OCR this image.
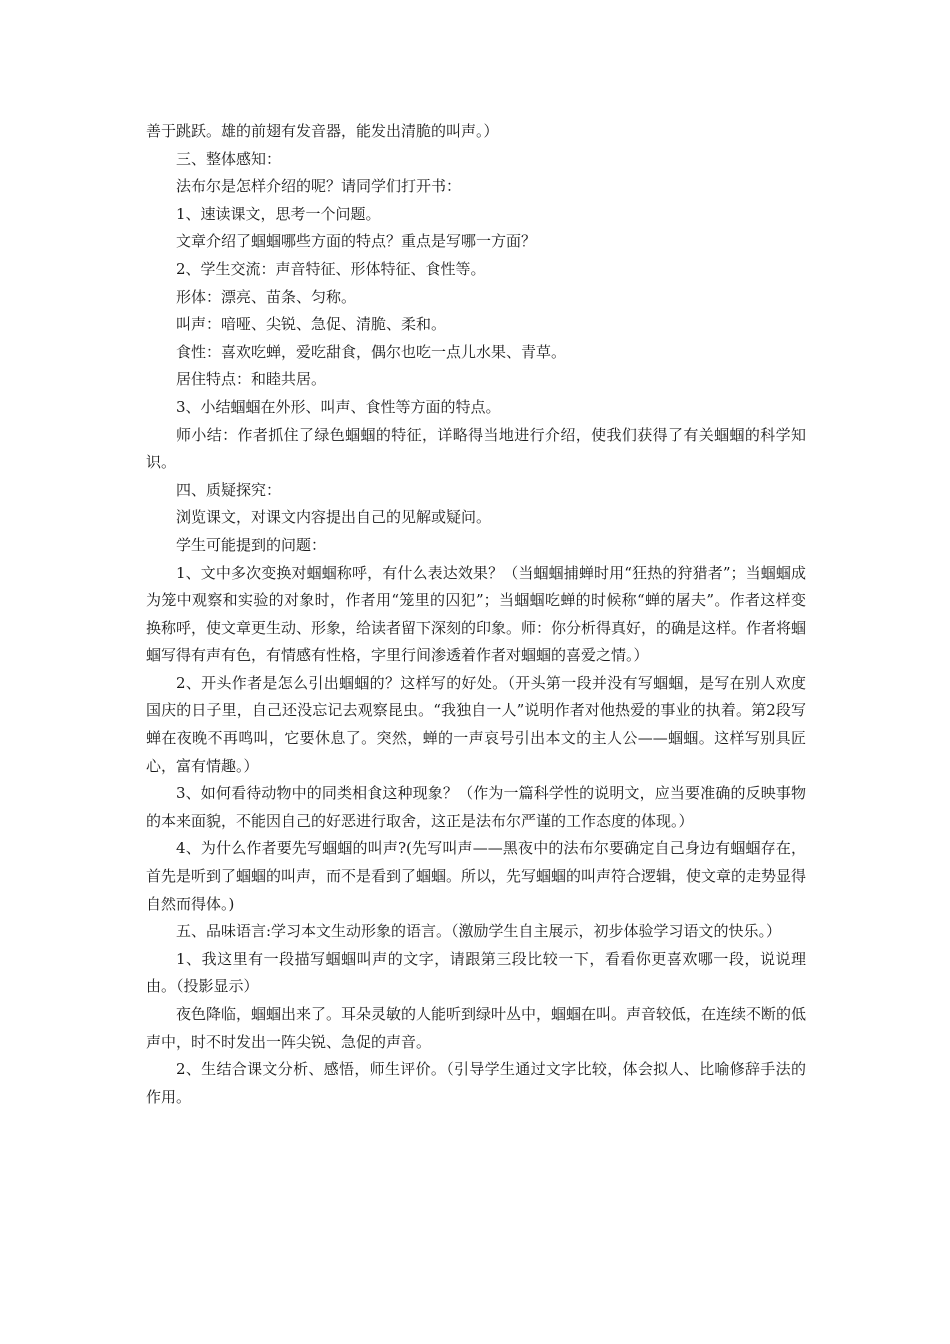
善于跳跃。雄的前翅有发音器，能发出清脆的叫声。）

三、整体感知：

法布尔是怎样介绍的呢？请同学们打开书：

1、速读课文，思考一个问题。

文章介绍了蝈蝈哪些方面的特点？重点是写哪一方面？

2、学生交流：声音特征、形体特征、食性等。

形体：漂亮、苗条、匀称。

叫声：喑哑、尖锐、急促、清脆、柔和。

食性：喜欢吃蝉，爱吃甜食，偶尔也吃一点儿水果、青草。

居住特点：和睦共居。

3、小结蝈蝈在外形、叫声、食性等方面的特点。

师小结：作者抓住了绿色蝈蝈的特征，详略得当地进行介绍，使我们获得了有关蝈蝈的科学知识。

四、质疑探究：

浏览课文，对课文内容提出自己的见解或疑问。

学生可能提到的问题：

1、文中多次变换对蝈蝈称呼，有什么表达效果？（当蝈蝈捕蝉时用“狂热的狩猎者”；当蝈蝈成为笼中观察和实验的对象时，作者用“笼里的囚犯”；当蝈蝈吃蝉的时候称“蝉的屠夫”。作者这样变换称呼，使文章更生动、形象，给读者留下深刻的印象。师：你分析得真好，的确是这样。作者将蝈蝈写得有声有色，有情感有性格，字里行间渗透着作者对蝈蝈的喜爱之情。）

2、开头作者是怎么引出蝈蝈的？这样写的好处。（开头第一段并没有写蝈蝈，是写在别人欢度国庆的日子里，自己还没忘记去观察昆虫。“我独自一人”说明作者对他热爱的事业的执着。第2段写蝉在夜晚不再鸣叫，它要休息了。突然，蝉的一声哀号引出本文的主人公——蝈蝈。这样写别具匠心，富有情趣。）

3、如何看待动物中的同类相食这种现象？（作为一篇科学性的说明文，应当要准确的反映事物的本来面貌，不能因自己的好恶进行取舍，这正是法布尔严谨的工作态度的体现。）

4、为什么作者要先写蝈蝈的叫声?(先写叫声——黑夜中的法布尔要确定自己身边有蝈蝈存在，首先是听到了蝈蝈的叫声，而不是看到了蝈蝈。所以，先写蝈蝈的叫声符合逻辑，使文章的走势显得自然而得体。)

五、品味语言:学习本文生动形象的语言。（激励学生自主展示，初步体验学习语文的快乐。）

1、我这里有一段描写蝈蝈叫声的文字，请跟第三段比较一下，看看你更喜欢哪一段，说说理由。（投影显示）

夜色降临，蝈蝈出来了。耳朵灵敏的人能听到绿叶丛中，蝈蝈在叫。声音较低，在连续不断的低声中，时不时发出一阵尖锐、急促的声音。

2、生结合课文分析、感悟，师生评价。（引导学生通过文字比较，体会拟人、比喻修辞手法的作用。
